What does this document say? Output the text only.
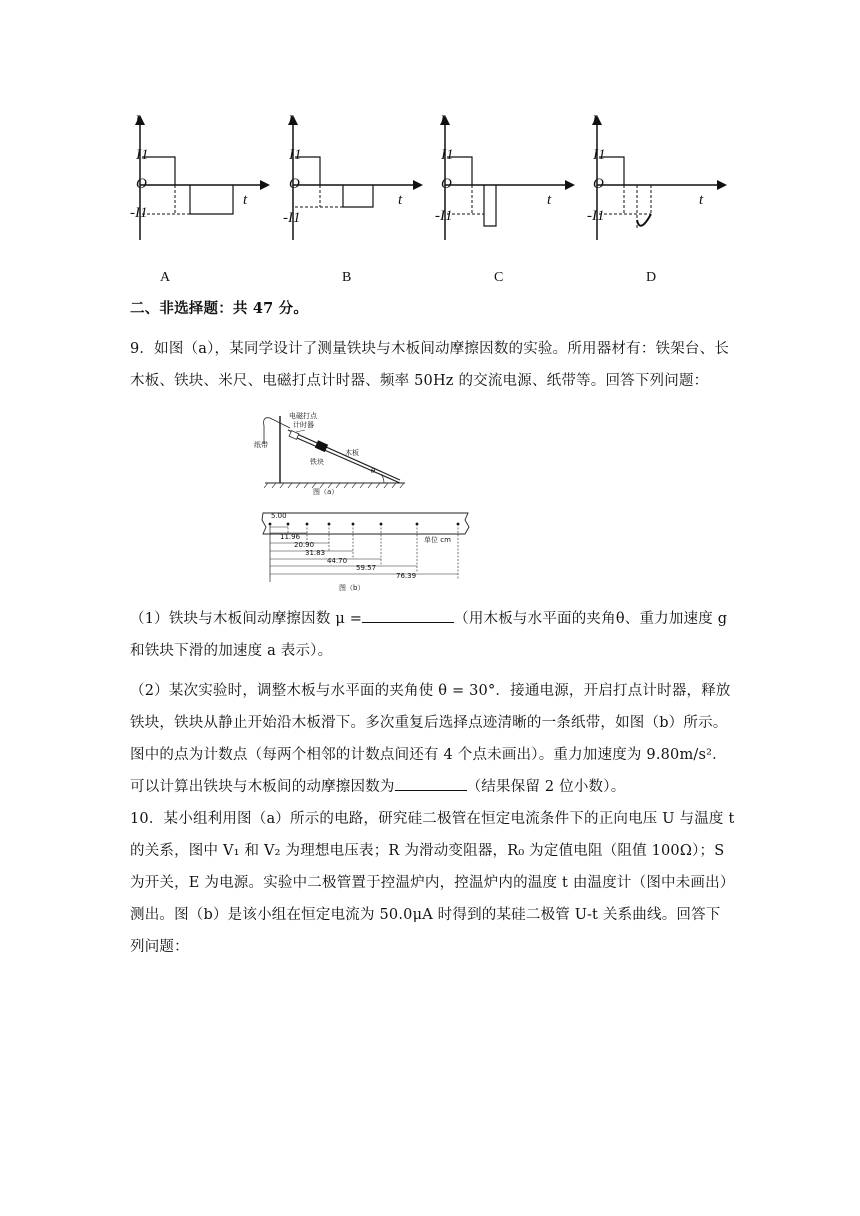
I
I1
O
-I1
t
I
I1
O
-I1
t
I
I1
O
-I1
t
I
I1
O
-I1
t
A	B	C	D
二、非选择题：共 47 分。
9．如图（a），某同学设计了测量铁块与木板间动摩擦因数的实验。所用器材有：铁架台、长木板、铁块、米尺、电磁打点计时器、频率 50Hz 的交流电源、纸带等。回答下列问题：
电磁打点
计时器
纸带
铁块
木板
θ
图（a）
5.00
11.96
20.90
31.83
44.70
59.57
76.39
单位 cm
图（b）
（1）铁块与木板间动摩擦因数 μ =	（用木板与水平面的夹角θ、重力加速度 g 和铁块下滑的加速度 a 表示）。
（2）某次实验时，调整木板与水平面的夹角使 θ = 30°．接通电源，开启打点计时器，释放铁块，铁块从静止开始沿木板滑下。多次重复后选择点迹清晰的一条纸带，如图（b）所示。图中的点为计数点（每两个相邻的计数点间还有 4 个点未画出）。重力加速度为 9.80m/s²．可以计算出铁块与木板间的动摩擦因数为	（结果保留 2 位小数）。
10．某小组利用图（a）所示的电路，研究硅二极管在恒定电流条件下的正向电压 U 与温度 t 的关系，图中 V₁ 和 V₂ 为理想电压表；R 为滑动变阻器，R₀ 为定值电阻（阻值 100Ω）；S 为开关，E 为电源。实验中二极管置于控温炉内，控温炉内的温度 t 由温度计（图中未画出）测出。图（b）是该小组在恒定电流为 50.0μA 时得到的某硅二极管 U-t 关系曲线。回答下列问题：
